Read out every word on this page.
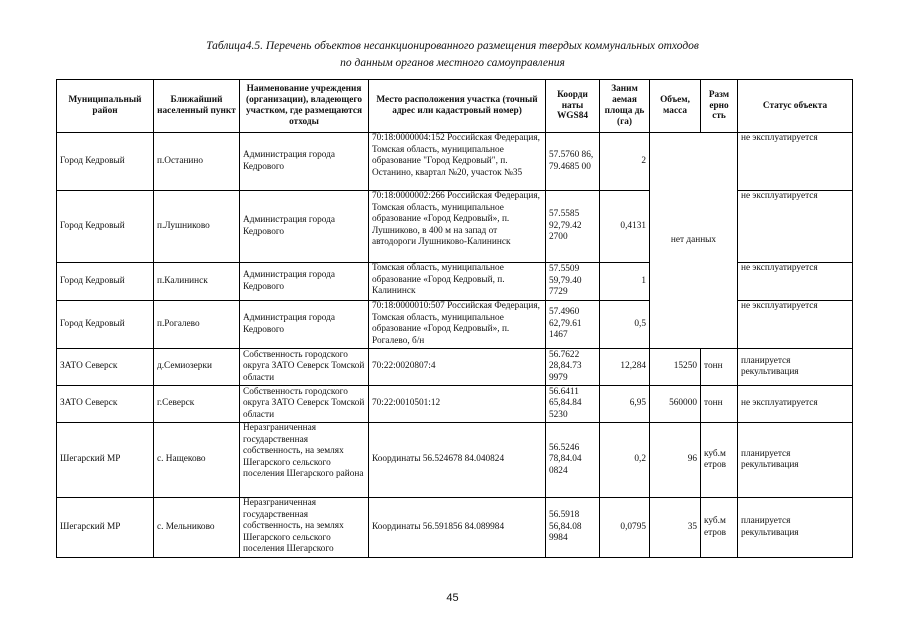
Таблица4.5. Перечень объектов несанкционированного размещения твердых коммунальных отходов
по данным органов местного самоуправления
Муниципальный район	Ближайший населенный пункт	Наименование учреждения (организации), владеющего участком, где размещаются отходы	Место расположения участка (точный адрес или кадастровый номер)	Коорди наты WGS84	Заним аемая площа дь (га)	Объем, масса	Разм ерно сть	Статус объекта
Город Кедровый	п.Останино	Администрация города Кедрового	70:18:0000004:152 Российская Федерация, Томская область, муниципальное образование "Город Кедровый", п. Останино, квартал №20, участок №35	57.5760 86, 79.4685 00	2	нет данных		не эксплуатируется
Город Кедровый	п.Лушниково	Администрация города Кедрового	70:18:0000002:266 Российская Федерация, Томская область, муниципальное образование «Город Кедровый», п. Лушниково, в 400 м на запад от автодороги Лушниково-Калининск	57.5585 92,79.42 2700	0,4131			не эксплуатируется
Город Кедровый	п.Калининск	Администрация города Кедрового	Томская область, муниципальное образование «Город Кедровый, п. Калининск	57.5509 59,79.40 7729	1			не эксплуатируется
Город Кедровый	п.Рогалево	Администрация города Кедрового	70:18:0000010:507 Российская Федерация, Томская область, муниципальное образование «Город Кедровый», п. Рогалево, б/н	57.4960 62,79.61 1467	0,5			не эксплуатируется
ЗАТО Северск	д.Семиозерки	Собственность городского округа ЗАТО Северск Томской области	70:22:0020807:4	56.7622 28,84.73 9979	12,284	15250	тонн	планируется рекультивация
ЗАТО Северск	г.Северск	Собственность городского округа ЗАТО Северск Томской области	70:22:0010501:12	56.6411 65,84.84 5230	6,95	560000	тонн	не эксплуатируется
Шегарский МР	с. Нащеково	Неразграниченная государственная собственность, на землях Шегарского сельского поселения Шегарского района	Координаты 56.524678 84.040824	56.5246 78,84.04 0824	0,2	96	куб.м етров	планируется рекультивация
Шегарский МР	с. Мельниково	Неразграниченная государственная собственность, на землях Шегарского сельского поселения Шегарского	Координаты 56.591856 84.089984	56.5918 56,84.08 9984	0,0795	35	куб.м етров	планируется рекультивация
45
